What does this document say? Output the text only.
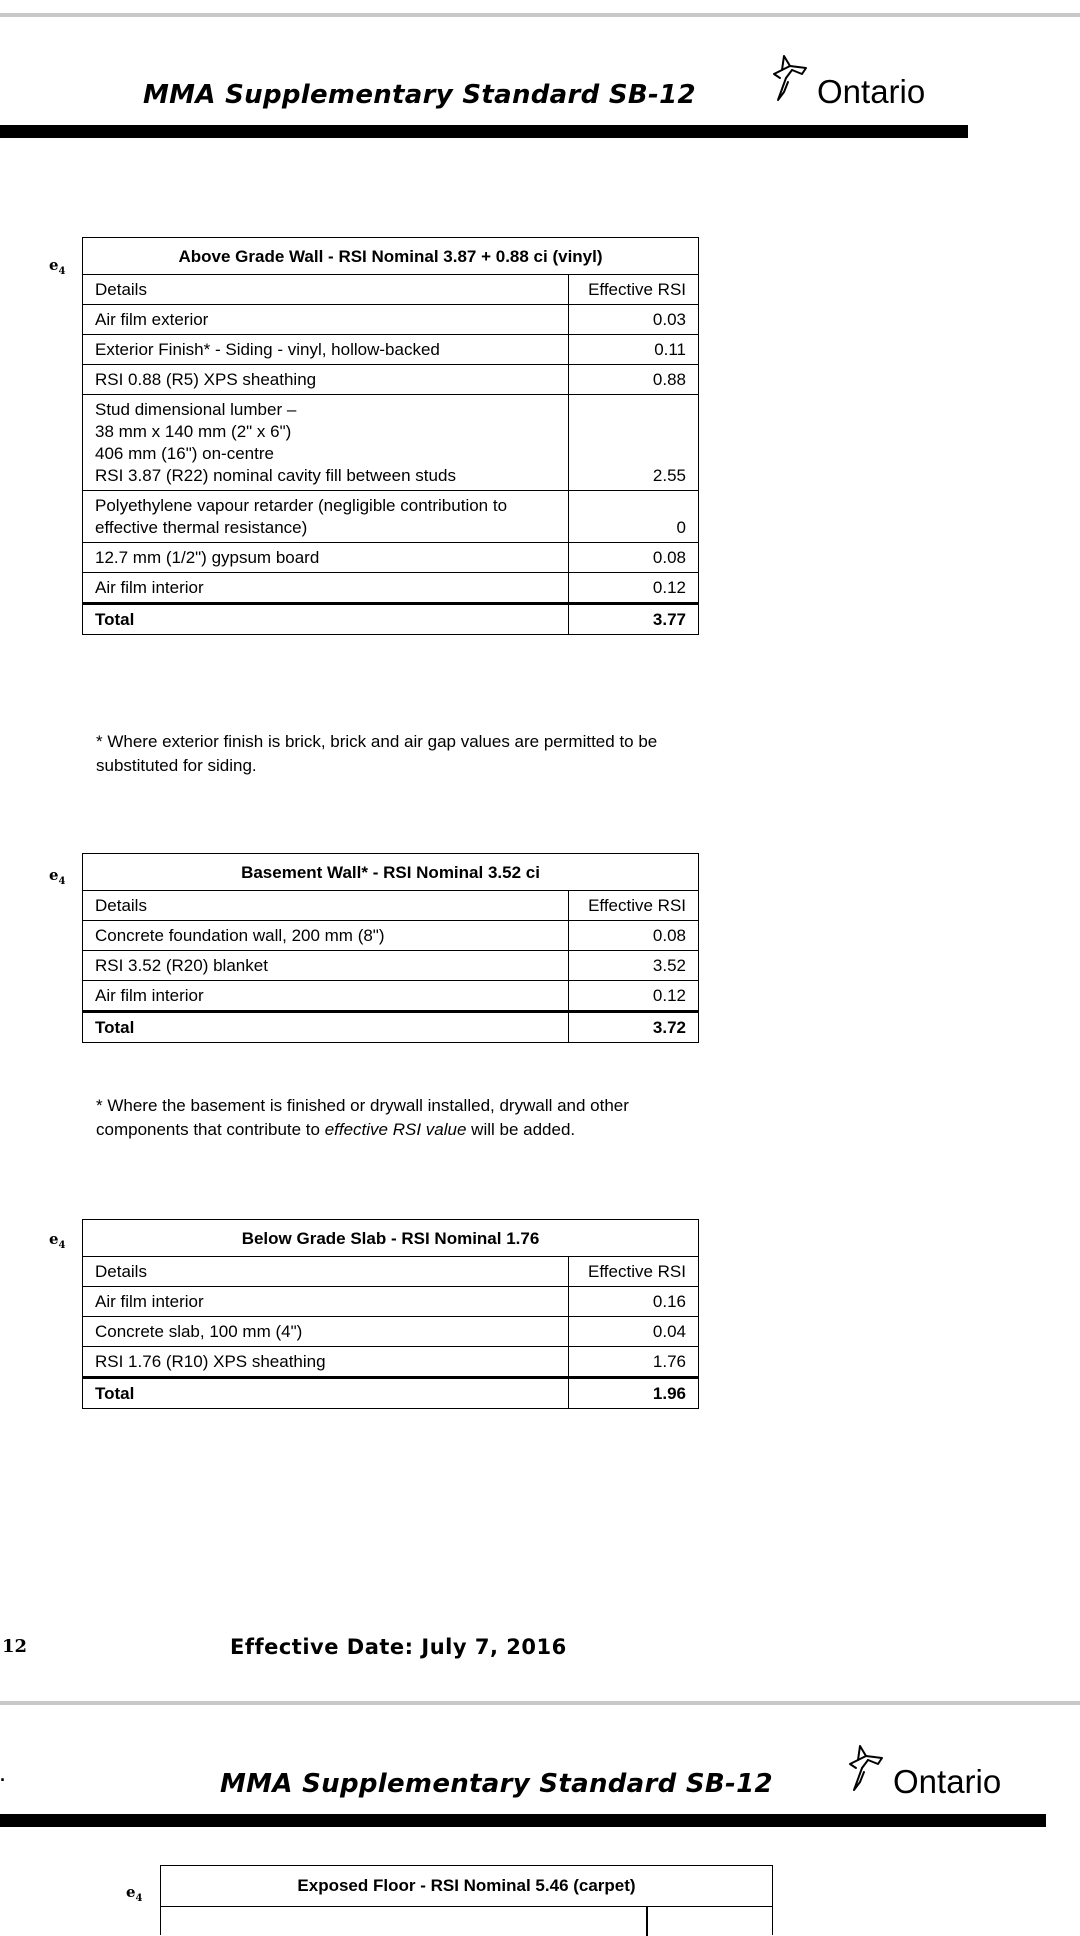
MMA Supplementary Standard SB-12	Ontario
$e_4$
Above Grade Wall - RSI Nominal 3.87 + 0.88 ci (vinyl)	
Details	Effective RSI
Air film exterior	0.03
Exterior Finish* - Siding - vinyl, hollow-backed	0.11
RSI 0.88 (R5) XPS sheathing	0.88
Stud dimensional lumber –
38 mm x 140 mm (2" x 6")
406 mm (16") on-centre
RSI 3.87 (R22) nominal cavity fill between studs	2.55
Polyethylene vapour retarder (negligible contribution to
effective thermal resistance)	0
12.7 mm (1/2") gypsum board	0.08
Air film interior	0.12
Total	3.77

* Where exterior finish is brick, brick and air gap values are permitted to be substituted for siding.

$e_4$	Basement Wall* - RSI Nominal 3.52 ci	
Details	Effective RSI
Concrete foundation wall, 200 mm (8")	0.08
RSI 3.52 (R20) blanket	3.52
Air film interior	0.12
Total	3.72

* Where the basement is finished or drywall installed, drywall and other components that contribute to effective RSI value will be added.

$e_4$	Below Grade Slab - RSI Nominal 1.76	
Details	Effective RSI
Air film interior	0.16
Concrete slab, 100 mm (4")	0.04
RSI 1.76 (R10) XPS sheathing	1.76
Total	1.96
12	Effective Date: July 7, 2016
·	MMA Supplementary Standard SB-12	Ontario
$e_4$
Exposed Floor - RSI Nominal 5.46 (carpet)
